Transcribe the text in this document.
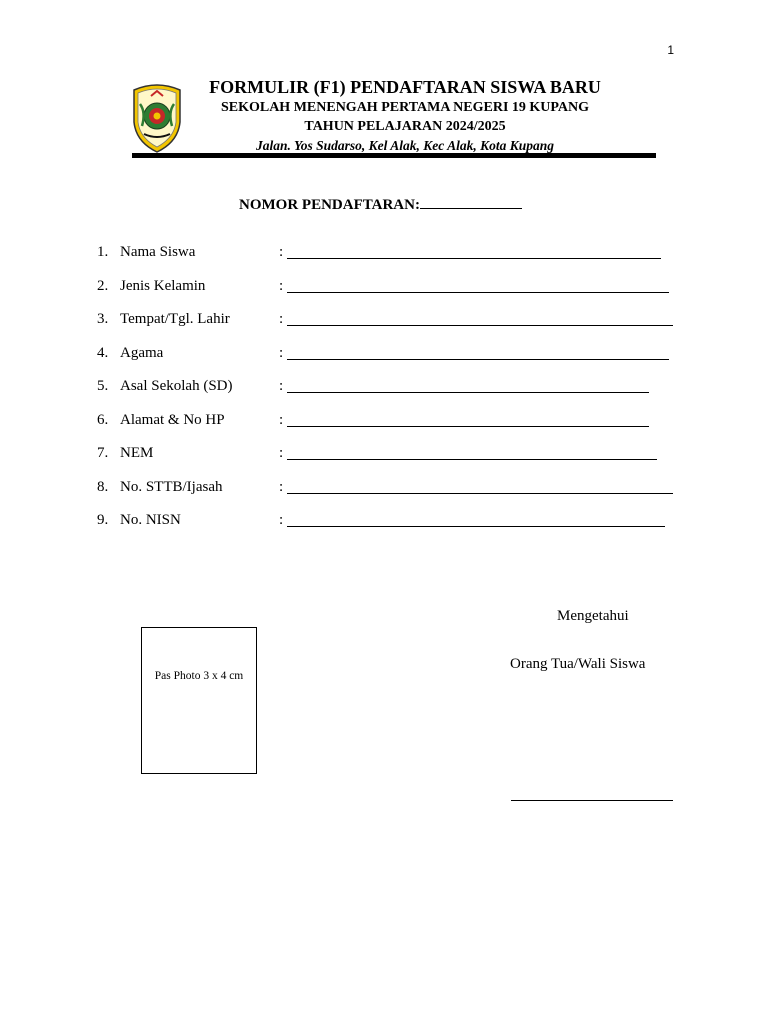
1
FORMULIR (F1) PENDAFTARAN SISWA BARU
SEKOLAH MENENGAH PERTAMA NEGERI 19 KUPANG
TAHUN PELAJARAN 2024/2025
Jalan. Yos Sudarso, Kel Alak, Kec Alak, Kota Kupang
NOMOR PENDAFTARAN:
1. Nama Siswa	:
2. Jenis Kelamin	:
3. Tempat/Tgl. Lahir	:
4. Agama	:
5. Asal Sekolah (SD)	:
6. Alamat & No HP	:
7. NEM	:
8. No. STTB/Ijasah	:
9. No. NISN	:
Pas Photo 3 x 4 cm
Mengetahui
Orang Tua/Wali Siswa
